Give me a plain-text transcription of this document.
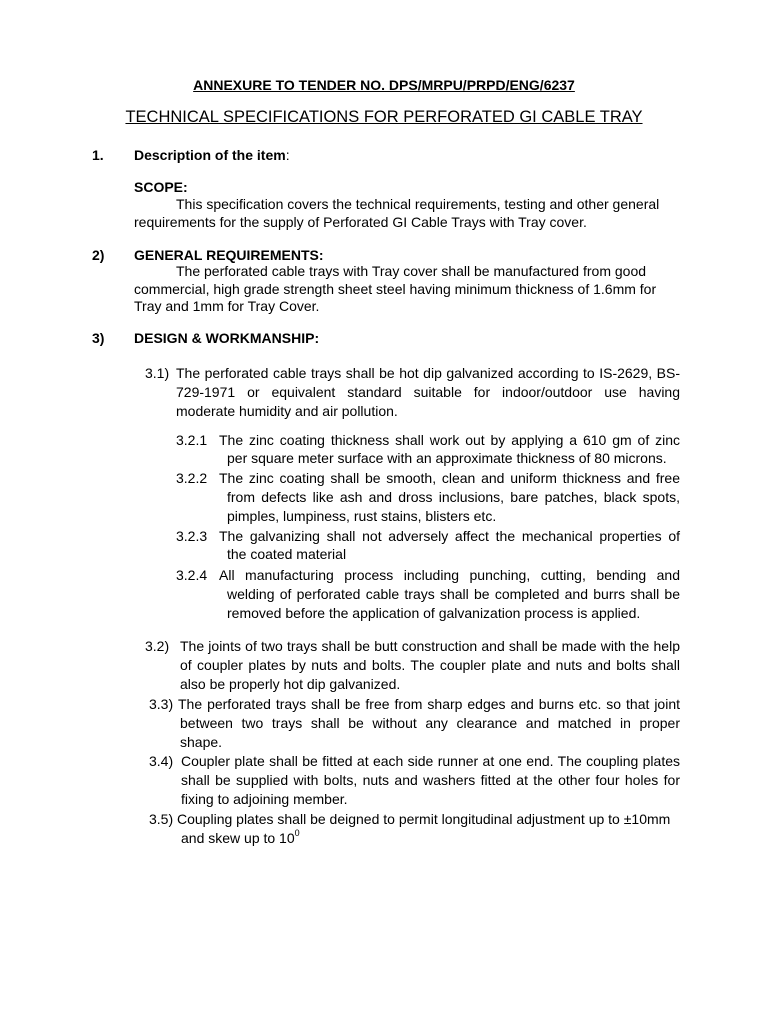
ANNEXURE TO TENDER NO. DPS/MRPU/PRPD/ENG/6237
TECHNICAL SPECIFICATIONS FOR PERFORATED GI CABLE TRAY
1. Description of the item:
SCOPE:
This specification covers the technical requirements, testing and other general
requirements for the supply of Perforated GI Cable Trays with Tray cover.
2) GENERAL REQUIREMENTS:
The perforated cable trays with Tray cover shall be manufactured from good
commercial, high grade strength sheet steel having minimum thickness of 1.6mm for
Tray and 1mm for Tray Cover.
3) DESIGN & WORKMANSHIP:
3.1) The perforated cable trays shall be hot dip galvanized according to IS-2629, BS-
729-1971 or equivalent standard suitable for indoor/outdoor use having
moderate humidity and air pollution.
3.2.1 The zinc coating thickness shall work out by applying a 610 gm of zinc
per square meter surface with an approximate thickness of 80 microns.
3.2.2 The zinc coating shall be smooth, clean and uniform thickness and free
from defects like ash and dross inclusions, bare patches, black spots,
pimples, lumpiness, rust stains, blisters etc.
3.2.3 The galvanizing shall not adversely affect the mechanical properties of
the coated material
3.2.4 All manufacturing process including punching, cutting, bending and
welding of perforated cable trays shall be completed and burrs shall be
removed before the application of galvanization process is applied.
3.2) The joints of two trays shall be butt construction and shall be made with the help
of coupler plates by nuts and bolts. The coupler plate and nuts and bolts shall
also be properly hot dip galvanized.
3.3) The perforated trays shall be free from sharp edges and burns etc. so that joint
between two trays shall be without any clearance and matched in proper
shape.
3.4) Coupler plate shall be fitted at each side runner at one end. The coupling plates
shall be supplied with bolts, nuts and washers fitted at the other four holes for
fixing to adjoining member.
3.5) Coupling plates shall be deigned to permit longitudinal adjustment up to ±10mm
and skew up to $10^0$
